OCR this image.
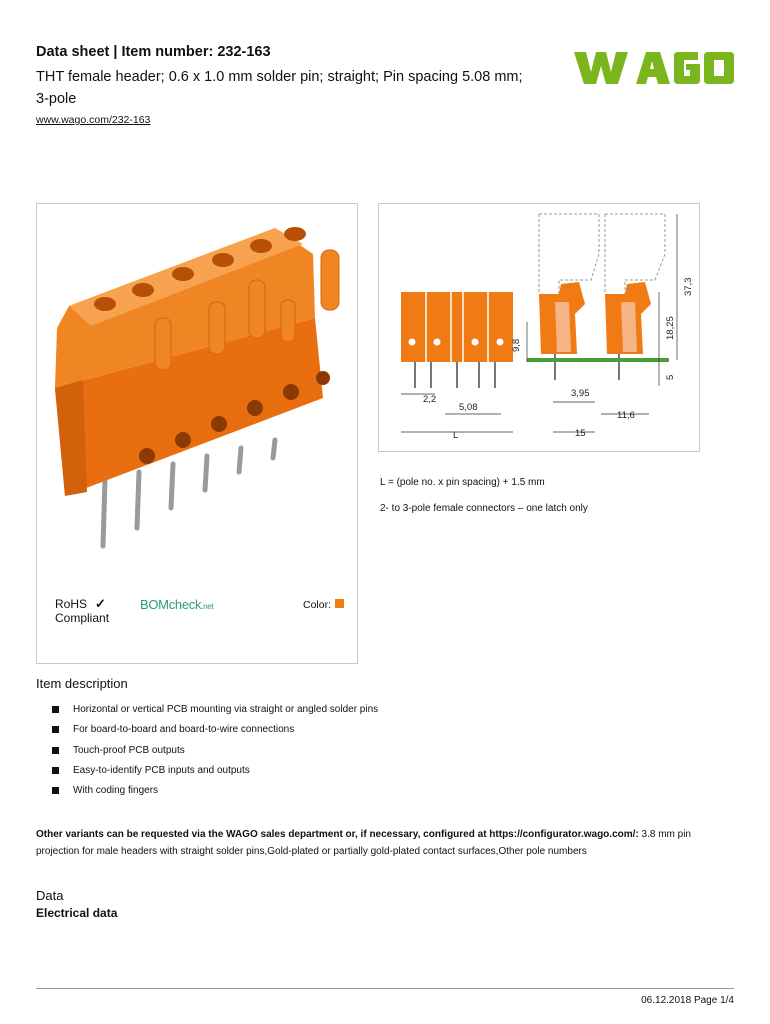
Data sheet | Item number: 232-163
THT female header; 0.6 x 1.0 mm solder pin; straight; Pin spacing 5.08 mm; 3-pole
www.wago.com/232-163
RoHS ✓
Compliant
BOMcheck.net	Color:
9,8
2,2
5,08
L
3,95
11,6
15
18,25
5
37,3
L = (pole no. x pin spacing) + 1.5 mm
2- to 3-pole female connectors – one latch only
Item description
Horizontal or vertical PCB mounting via straight or angled solder pins
For board-to-board and board-to-wire connections
Touch-proof PCB outputs
Easy-to-identify PCB inputs and outputs
With coding fingers
Other variants can be requested via the WAGO sales department or, if necessary, configured at https://configurator.wago.com/: 3.8 mm pin projection for male headers with straight solder pins,Gold-plated or partially gold-plated contact surfaces,Other pole numbers
Data
Electrical data
06.12.2018 Page 1/4
